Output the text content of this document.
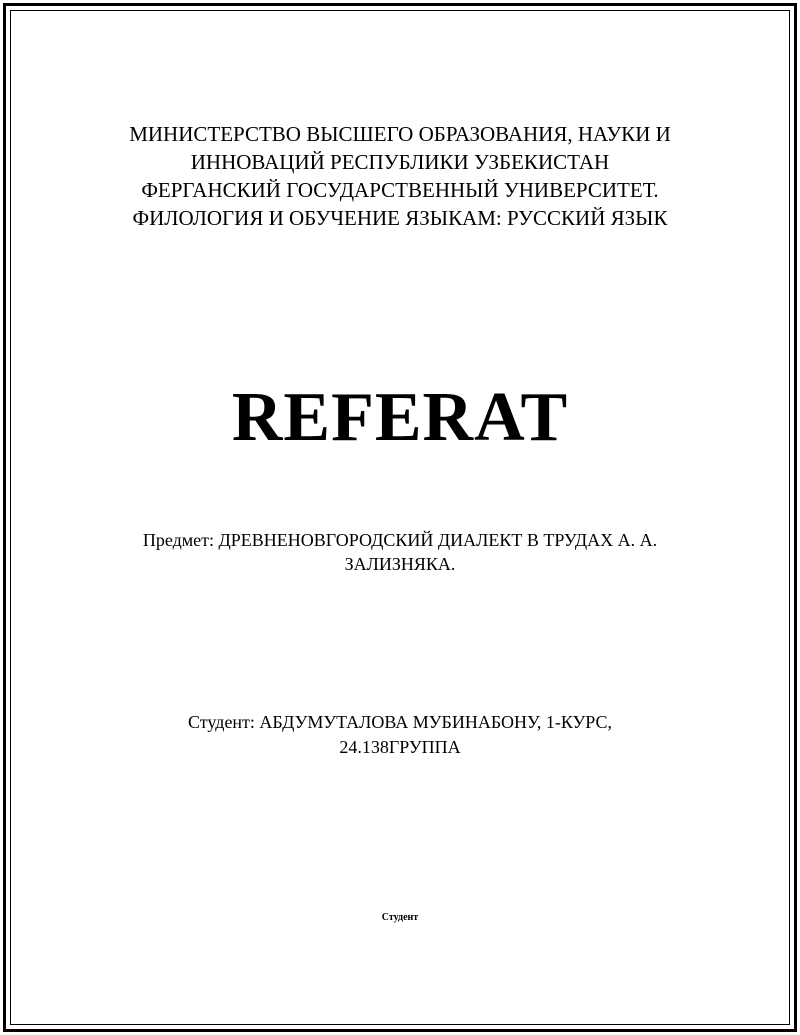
МИНИСТЕРСТВО ВЫСШЕГО ОБРАЗОВАНИЯ, НАУКИ И
ИННОВАЦИЙ РЕСПУБЛИКИ УЗБЕКИСТАН
ФЕРГАНСКИЙ ГОСУДАРСТВЕННЫЙ УНИВЕРСИТЕТ.
ФИЛОЛОГИЯ И ОБУЧЕНИЕ ЯЗЫКАМ: РУССКИЙ ЯЗЫК
REFERAT
Предмет: ДРЕВНЕНОВГОРОДСКИЙ ДИАЛЕКТ В ТРУДАХ А. А.
ЗАЛИЗНЯКА.
Студент: АБДУМУТАЛОВА МУБИНАБОНУ, 1-КУРС,
24.138ГРУППА
Студент
